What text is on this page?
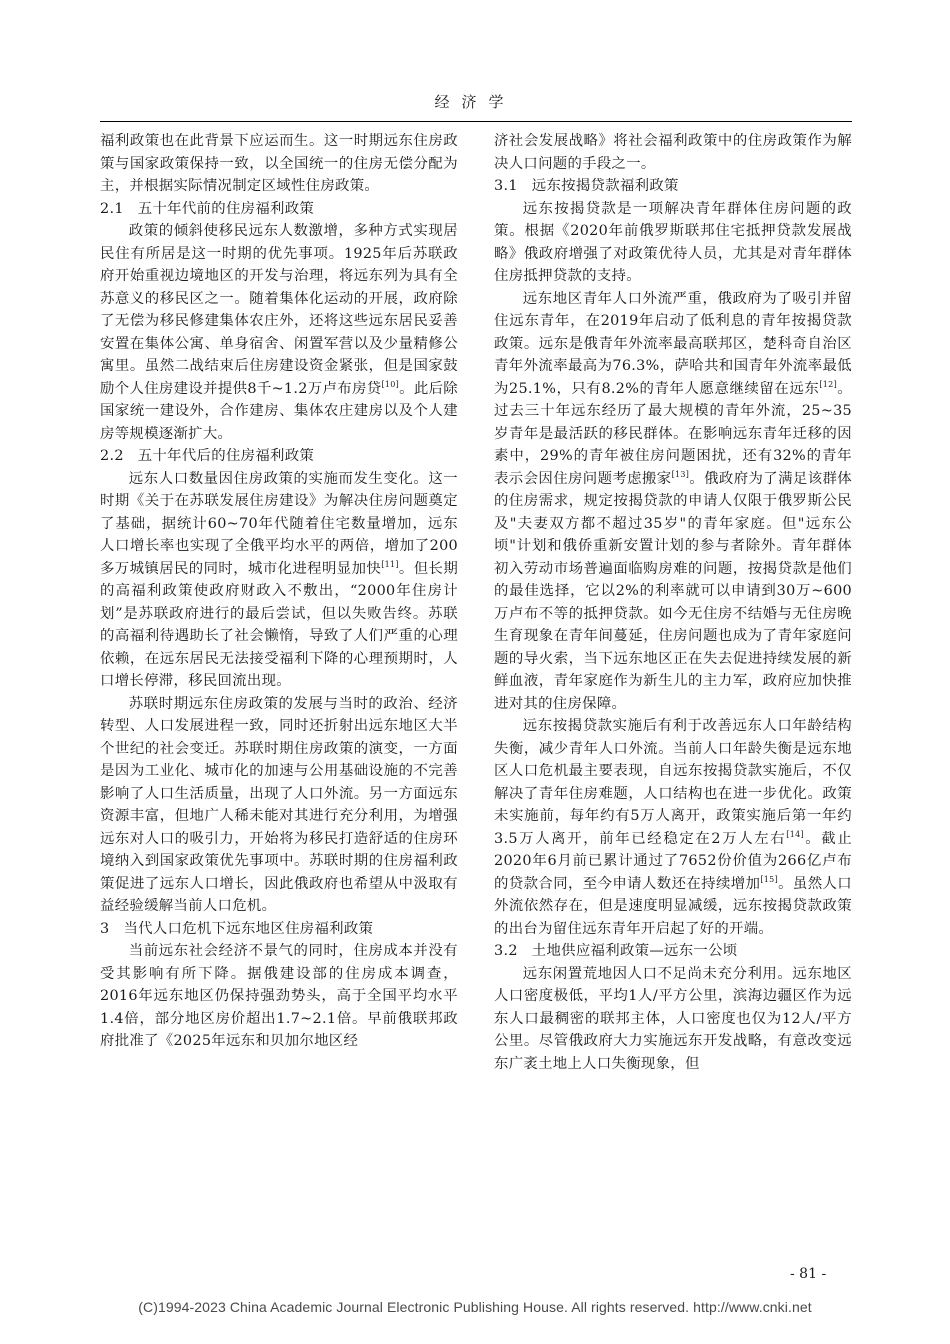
经济学

福利政策也在此背景下应运而生。这一时期远东住房政策与国家政策保持一致，以全国统一的住房无偿分配为主，并根据实际情况制定区域性住房政策。

2.1 五十年代前的住房福利政策

政策的倾斜使移民远东人数激增，多种方式实现居民住有所居是这一时期的优先事项。1925年后苏联政府开始重视边境地区的开发与治理，将远东列为具有全苏意义的移民区之一。随着集体化运动的开展，政府除了无偿为移民修建集体农庄外，还将这些远东居民妥善安置在集体公寓、单身宿舍、闲置军营以及少量精修公寓里。虽然二战结束后住房建设资金紧张，但是国家鼓励个人住房建设并提供8千~1.2万卢布房贷[10]。此后除国家统一建设外，合作建房、集体农庄建房以及个人建房等规模逐渐扩大。

2.2 五十年代后的住房福利政策

远东人口数量因住房政策的实施而发生变化。这一时期《关于在苏联发展住房建设》为解决住房问题奠定了基础，据统计60~70年代随着住宅数量增加，远东人口增长率也实现了全俄平均水平的两倍，增加了200多万城镇居民的同时，城市化进程明显加快[11]。但长期的高福利政策使政府财政入不敷出，“2000年住房计划”是苏联政府进行的最后尝试，但以失败告终。苏联的高福利待遇助长了社会懒惰，导致了人们严重的心理依赖，在远东居民无法接受福利下降的心理预期时，人口增长停滞，移民回流出现。

苏联时期远东住房政策的发展与当时的政治、经济转型、人口发展进程一致，同时还折射出远东地区大半个世纪的社会变迁。苏联时期住房政策的演变，一方面是因为工业化、城市化的加速与公用基础设施的不完善影响了人口生活质量，出现了人口外流。另一方面远东资源丰富，但地广人稀未能对其进行充分利用，为增强远东对人口的吸引力，开始将为移民打造舒适的住房环境纳入到国家政策优先事项中。苏联时期的住房福利政策促进了远东人口增长，因此俄政府也希望从中汲取有益经验缓解当前人口危机。

3 当代人口危机下远东地区住房福利政策

当前远东社会经济不景气的同时，住房成本并没有受其影响有所下降。据俄建设部的住房成本调查，2016年远东地区仍保持强劲势头，高于全国平均水平1.4倍，部分地区房价超出1.7~2.1倍。早前俄联邦政府批准了《2025年远东和贝加尔地区经

济社会发展战略》将社会福利政策中的住房政策作为解决人口问题的手段之一。

3.1 远东按揭贷款福利政策

远东按揭贷款是一项解决青年群体住房问题的政策。根据《2020年前俄罗斯联邦住宅抵押贷款发展战略》俄政府增强了对政策优待人员，尤其是对青年群体住房抵押贷款的支持。

远东地区青年人口外流严重，俄政府为了吸引并留住远东青年，在2019年启动了低利息的青年按揭贷款政策。远东是俄青年外流率最高联邦区，楚科奇自治区青年外流率最高为76.3%，萨哈共和国青年外流率最低为25.1%，只有8.2%的青年人愿意继续留在远东[12]。过去三十年远东经历了最大规模的青年外流，25~35岁青年是最活跃的移民群体。在影响远东青年迁移的因素中，29%的青年被住房问题困扰，还有32%的青年表示会因住房问题考虑搬家[13]。俄政府为了满足该群体的住房需求，规定按揭贷款的申请人仅限于俄罗斯公民及"夫妻双方都不超过35岁"的青年家庭。但"远东公顷"计划和俄侨重新安置计划的参与者除外。青年群体初入劳动市场普遍面临购房难的问题，按揭贷款是他们的最佳选择，它以2%的利率就可以申请到30万~600万卢布不等的抵押贷款。如今无住房不结婚与无住房晚生育现象在青年间蔓延，住房问题也成为了青年家庭问题的导火索，当下远东地区正在失去促进持续发展的新鲜血液，青年家庭作为新生儿的主力军，政府应加快推进对其的住房保障。

远东按揭贷款实施后有利于改善远东人口年龄结构失衡，减少青年人口外流。当前人口年龄失衡是远东地区人口危机最主要表现，自远东按揭贷款实施后，不仅解决了青年住房难题，人口结构也在进一步优化。政策未实施前，每年约有5万人离开，政策实施后第一年约3.5万人离开，前年已经稳定在2万人左右[14]。截止2020年6月前已累计通过了7652份价值为266亿卢布的贷款合同，至今申请人数还在持续增加[15]。虽然人口外流依然存在，但是速度明显减缓，远东按揭贷款政策的出台为留住远东青年开启起了好的开端。

3.2 土地供应福利政策—远东一公顷

远东闲置荒地因人口不足尚未充分利用。远东地区人口密度极低，平均1人/平方公里，滨海边疆区作为远东人口最稠密的联邦主体，人口密度也仅为12人/平方公里。尽管俄政府大力实施远东开发战略，有意改变远东广袤土地上人口失衡现象，但

- 81 -
(C)1994-2023 China Academic Journal Electronic Publishing House. All rights reserved. http://www.cnki.net
